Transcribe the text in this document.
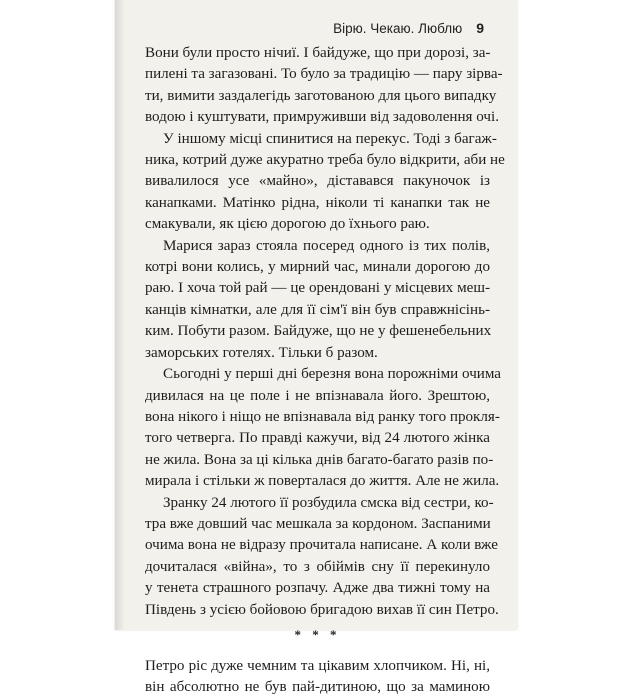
Вірю. Чекаю. Люблю 9
Вони були просто нічиї. І байдуже, що при дорозі, за-
пилені та загазовані. То було за традицію — пару зірва-
ти, вимити заздалегідь заготованою для цього випадку
водою і куштувати, примруживши від задоволення очі.
У іншому місці спинитися на перекус. Тоді з багаж-
ника, котрий дуже акуратно треба було відкрити, аби не
вивалилося усе «майно», діставався пакуночок із
канапками. Матінко рідна, ніколи ті канапки так не
смакували, як цією дорогою до їхнього раю.
Марися зараз стояла посеред одного із тих полів,
котрі вони колись, у мирний час, минали дорогою до
раю. І хоча той рай — це орендовані у місцевих меш-
канців кімнатки, але для її сім'ї він був справжнісінь-
ким. Побути разом. Байдуже, що не у фешенебельних
заморських готелях. Тільки б разом.
Сьогодні у перші дні березня вона порожніми очима
дивилася на це поле і не впізнавала його. Зрештою,
вона нікого і ніщо не впізнавала від ранку того прокля-
того четверга. По правді кажучи, від 24 лютого жінка
не жила. Вона за ці кілька днів багато-багато разів по-
мирала і стільки ж поверталася до життя. Але не жила.
Зранку 24 лютого її розбудила смска від сестри, ко-
тра вже довший час мешкала за кордоном. Заспаними
очима вона не відразу прочитала написане. А коли вже
дочиталася «війна», то з обіймів сну її перекинуло
у тенета страшного розпачу. Адже два тижні тому на
Південь з усією бойовою бригадою вихав її син Петро.
* * *
Петро ріс дуже чемним та цікавим хлопчиком. Ні, ні,
він абсолютно не був пай-дитиною, що за маминою
